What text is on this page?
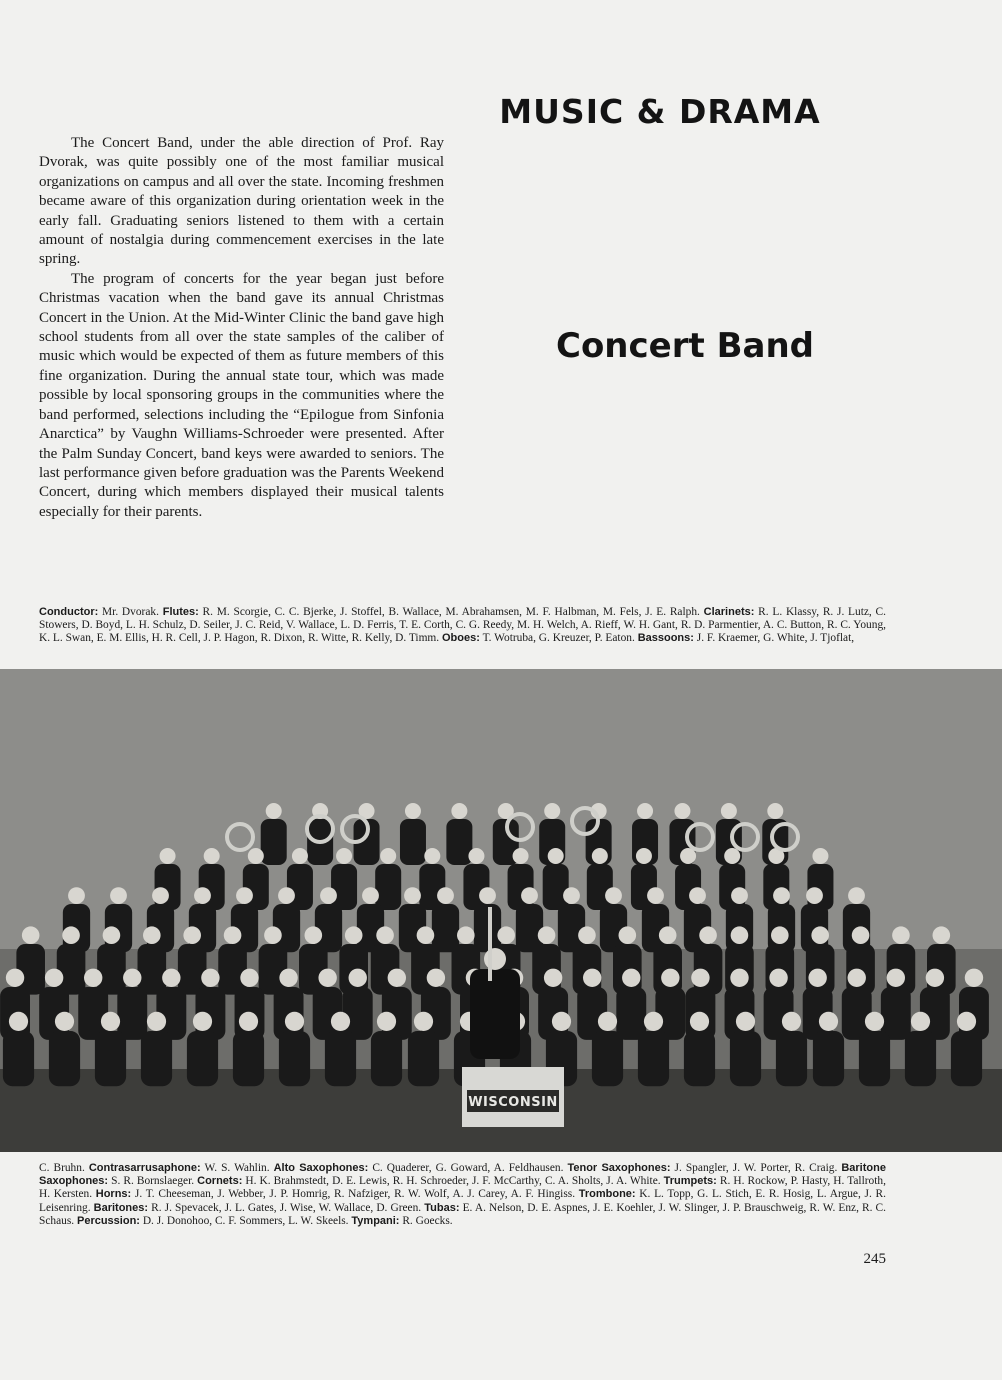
MUSIC & DRAMA

The Concert Band, under the able direction of Prof. Ray Dvorak, was quite possibly one of the most familiar musical organizations on campus and all over the state. Incoming freshmen became aware of this organization during orientation week in the early fall. Graduating seniors listened to them with a certain amount of nostalgia during commencement exercises in the late spring.

The program of concerts for the year began just before Christmas vacation when the band gave its annual Christmas Concert in the Union. At the Mid-Winter Clinic the band gave high school students from all over the state samples of the caliber of music which would be expected of them as future members of this fine organization. During the annual state tour, which was made possible by local sponsoring groups in the communities where the band performed, selections including the “Epilogue from Sinfonia Anarctica” by Vaughn Williams-Schroeder were presented. After the Palm Sunday Concert, band keys were awarded to seniors. The last performance given before graduation was the Parents Weekend Concert, during which members displayed their musical talents especially for their parents.

Concert Band
Conductor: Mr. Dvorak. Flutes: R. M. Scorgie, C. C. Bjerke, J. Stoffel, B. Wallace, M. Abrahamsen, M. F. Halbman, M. Fels, J. E. Ralph. Clarinets: R. L. Klassy, R. J. Lutz, C. Stowers, D. Boyd, L. H. Schulz, D. Seiler, J. C. Reid, V. Wallace, L. D. Ferris, T. E. Corth, C. G. Reedy, M. H. Welch, A. Rieff, W. H. Gant, R. D. Parmentier, A. C. Button, R. C. Young, K. L. Swan, E. M. Ellis, H. R. Cell, J. P. Hagon, R. Dixon, R. Witte, R. Kelly, D. Timm. Oboes: T. Wotruba, G. Kreuzer, P. Eaton. Bassoons: J. F. Kraemer, G. White, J. Tjoflat,
WISCONSIN
C. Bruhn. Contrasarrusaphone: W. S. Wahlin. Alto Saxophones: C. Quaderer, G. Goward, A. Feldhausen. Tenor Saxophones: J. Spangler, J. W. Porter, R. Craig. Baritone Saxophones: S. R. Bornslaeger. Cornets: H. K. Brahmstedt, D. E. Lewis, R. H. Schroeder, J. F. McCarthy, C. A. Sholts, J. A. White. Trumpets: R. H. Rockow, P. Hasty, H. Tallroth, H. Kersten. Horns: J. T. Cheeseman, J. Webber, J. P. Homrig, R. Nafziger, R. W. Wolf, A. J. Carey, A. F. Hingiss. Trombone: K. L. Topp, G. L. Stich, E. R. Hosig, L. Argue, J. R. Leisenring. Baritones: R. J. Spevacek, J. L. Gates, J. Wise, W. Wallace, D. Green. Tubas: E. A. Nelson, D. E. Aspnes, J. E. Koehler, J. W. Slinger, J. P. Brauschweig, R. W. Enz, R. C. Schaus. Percussion: D. J. Donohoo, C. F. Sommers, L. W. Skeels. Tympani: R. Goecks.
245
